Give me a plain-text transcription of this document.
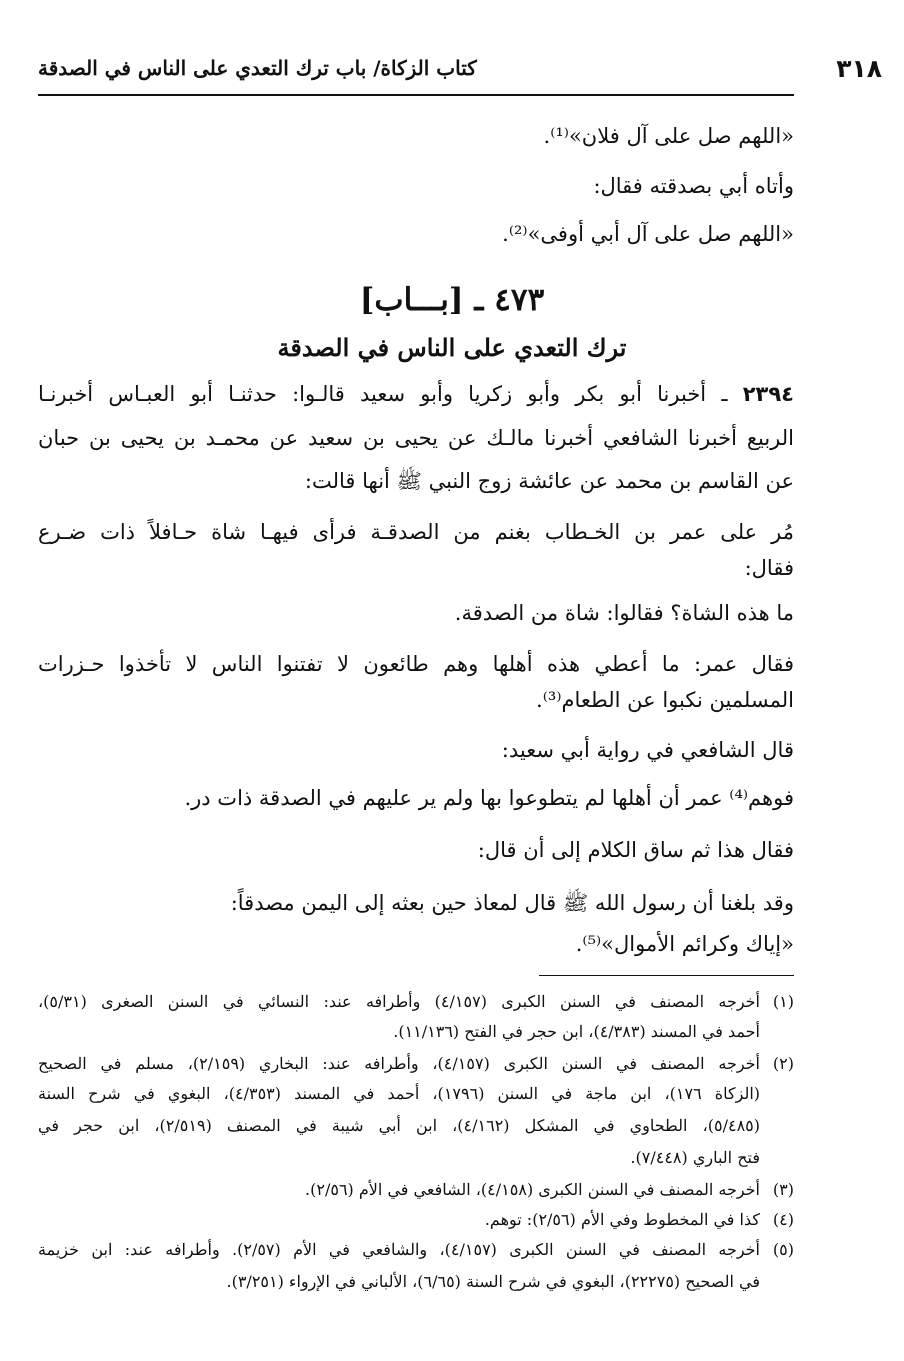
٣١٨
كتاب الزكاة/ باب ترك التعدي على الناس في الصدقة
«اللهم صل على آل فلان»⁽¹⁾.
وأتاه أبي بصدقته فقال:
«اللهم صل على آل أبي أوفى»⁽²⁾.
٤٧٣ ـ [بـــاب]
ترك التعدي على الناس في الصدقة
٢٣٩٤ ـ أخبرنا أبو بكر وأبو زكريا وأبو سعيد قالـوا: حدثنـا أبو العبـاس أخبرنـا
الربيع أخبرنا الشافعي أخبرنا مالـك عن يحيى بن سعيد عن محمـد بن يحيى بن حبان
عن القاسم بن محمد عن عائشة زوج النبي ﷺ أنها قالت:
مُر على عمر بن الخـطاب بغنم من الصدقـة فرأى فيهـا شاة حـافلاً ذات ضـرع
فقال:
ما هذه الشاة؟ فقالوا: شاة من الصدقة.
فقال عمر: ما أعطي هذه أهلها وهم طائعون لا تفتنوا الناس لا تأخذوا حـزرات
المسلمين نكبوا عن الطعام⁽³⁾.
قال الشافعي في رواية أبي سعيد:
فوهم⁽⁴⁾ عمر أن أهلها لم يتطوعوا بها ولم ير عليهم في الصدقة ذات در.
فقال هذا ثم ساق الكلام إلى أن قال:
وقد بلغنا أن رسول الله ﷺ قال لمعاذ حين بعثه إلى اليمن مصدقاً:
«إياك وكرائم الأموال»⁽⁵⁾.
(١)
أخرجه المصنف في السنن الكبرى (٤/١٥٧) وأطرافه عند: النسائي في السنن الصغرى (٥/٣١)،
أحمد في المسند (٤/٣٨٣)، ابن حجر في الفتح (١١/١٣٦).
(٢)
أخرجه المصنف في السنن الكبرى (٤/١٥٧)، وأطرافه عند: البخاري (٢/١٥٩)، مسلم في الصحيح
(الزكاة ١٧٦)، ابن ماجة في السنن (١٧٩٦)، أحمد في المسند (٤/٣٥٣)، البغوي في شرح السنة
(٥/٤٨٥)، الطحاوي في المشكل (٤/١٦٢)، ابن أبي شيبة في المصنف (٢/٥١٩)، ابن حجر في
فتح الباري (٧/٤٤٨).
(٣)
أخرجه المصنف في السنن الكبرى (٤/١٥٨)، الشافعي في الأم (٢/٥٦).
(٤)
كذا في المخطوط وفي الأم (٢/٥٦): توهم.
(٥)
أخرجه المصنف في السنن الكبرى (٤/١٥٧)، والشافعي في الأم (٢/٥٧). وأطرافه عند: ابن خزيمة
في الصحيح (٢٢٢٧٥)، البغوي في شرح السنة (٦/٦٥)، الألباني في الإرواء (٣/٢٥١).
